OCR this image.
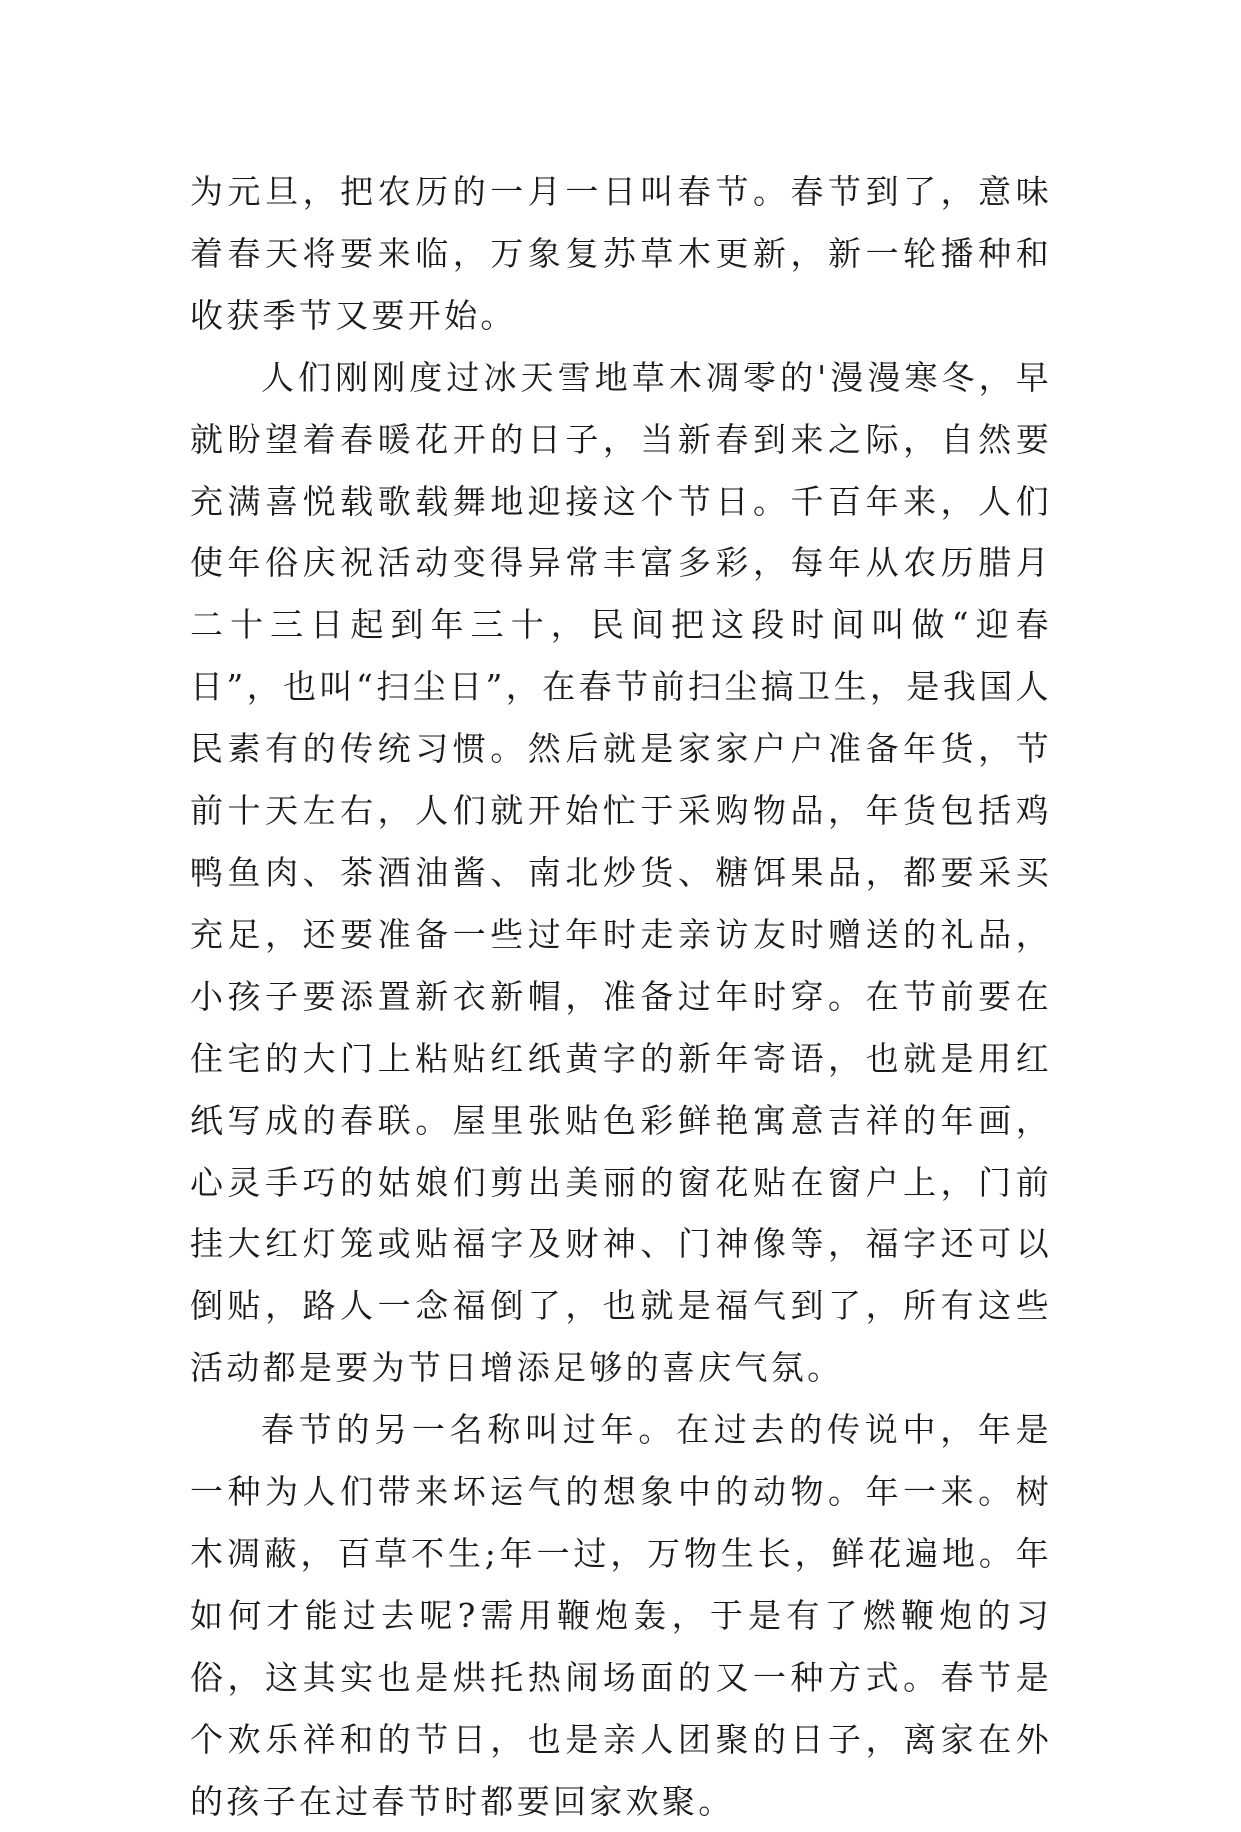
为元旦，把农历的一月一日叫春节。春节到了，意味着春天将要来临，万象复苏草木更新，新一轮播种和收获季节又要开始。

人们刚刚度过冰天雪地草木凋零的'漫漫寒冬，早就盼望着春暖花开的日子，当新春到来之际，自然要充满喜悦载歌载舞地迎接这个节日。千百年来，人们使年俗庆祝活动变得异常丰富多彩，每年从农历腊月二十三日起到年三十，民间把这段时间叫做“迎春日”，也叫“扫尘日”，在春节前扫尘搞卫生，是我国人民素有的传统习惯。然后就是家家户户准备年货，节前十天左右，人们就开始忙于采购物品，年货包括鸡鸭鱼肉、茶酒油酱、南北炒货、糖饵果品，都要采买充足，还要准备一些过年时走亲访友时赠送的礼品，小孩子要添置新衣新帽，准备过年时穿。在节前要在住宅的大门上粘贴红纸黄字的新年寄语，也就是用红纸写成的春联。屋里张贴色彩鲜艳寓意吉祥的年画，心灵手巧的姑娘们剪出美丽的窗花贴在窗户上，门前挂大红灯笼或贴福字及财神、门神像等，福字还可以倒贴，路人一念福倒了，也就是福气到了，所有这些活动都是要为节日增添足够的喜庆气氛。

春节的另一名称叫过年。在过去的传说中，年是一种为人们带来坏运气的想象中的动物。年一来。树木凋蔽，百草不生;年一过，万物生长，鲜花遍地。年如何才能过去呢?需用鞭炮轰，于是有了燃鞭炮的习俗，这其实也是烘托热闹场面的又一种方式。春节是个欢乐祥和的节日，也是亲人团聚的日子，离家在外的孩子在过春节时都要回家欢聚。
